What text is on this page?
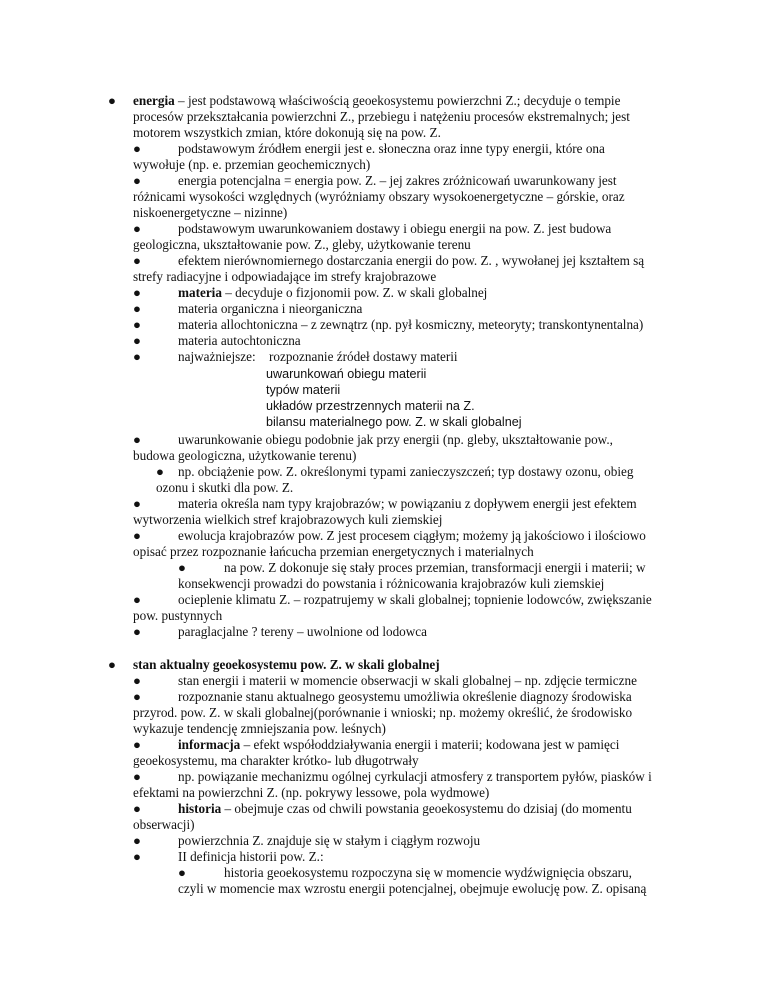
● energia – jest podstawową właściwością geoekosystemu powierzchni Z.; decyduje o tempie
procesów przekształcania powierzchni Z., przebiegu i natężeniu procesów ekstremalnych; jest
motorem wszystkich zmian, które dokonują się na pow. Z.
●	podstawowym źródłem energii jest e. słoneczna oraz inne typy energii, które ona
wywołuje (np. e. przemian geochemicznych)
●	energia potencjalna = energia pow. Z. – jej zakres zróżnicowań uwarunkowany jest
różnicami wysokości względnych (wyróżniamy obszary wysokoenergetyczne – górskie, oraz
niskoenergetyczne – nizinne)
●	podstawowym uwarunkowaniem dostawy i obiegu energii na pow. Z. jest budowa
geologiczna, ukształtowanie pow. Z., gleby, użytkowanie terenu
●	efektem nierównomiernego dostarczania energii do pow. Z. , wywołanej jej kształtem są
strefy radiacyjne i odpowiadające im strefy krajobrazowe
●	materia – decyduje o fizjonomii pow. Z. w skali globalnej
●	materia organiczna i nieorganiczna
●	materia allochtoniczna – z zewnątrz (np. pył kosmiczny, meteoryty; transkontynentalna)
●	materia autochtoniczna
●	najważniejsze: rozpoznanie źródeł dostawy materii
uwarunkowań obiegu materii
typów materii
układów przestrzennych materii na Z.
bilansu materialnego pow. Z. w skali globalnej
●	uwarunkowanie obiegu podobnie jak przy energii (np. gleby, ukształtowanie pow.,
budowa geologiczna, użytkowanie terenu)
● np. obciążenie pow. Z. określonymi typami zanieczyszczeń; typ dostawy ozonu, obieg
ozonu i skutki dla pow. Z.
●	materia określa nam typy krajobrazów; w powiązaniu z dopływem energii jest efektem
wytworzenia wielkich stref krajobrazowych kuli ziemskiej
●	ewolucja krajobrazów pow. Z jest procesem ciągłym; możemy ją jakościowo i ilościowo
opisać przez rozpoznanie łańcucha przemian energetycznych i materialnych
●	na pow. Z dokonuje się stały proces przemian, transformacji energii i materii; w
konsekwencji prowadzi do powstania i różnicowania krajobrazów kuli ziemskiej
●	ocieplenie klimatu Z. – rozpatrujemy w skali globalnej; topnienie lodowców, zwiększanie
pow. pustynnych
●	paraglacjalne ? tereny – uwolnione od lodowca
● stan aktualny geoekosystemu pow. Z. w skali globalnej
●	stan energii i materii w momencie obserwacji w skali globalnej – np. zdjęcie termiczne
●	rozpoznanie stanu aktualnego geosystemu umożliwia określenie diagnozy środowiska
przyrod. pow. Z. w skali globalnej(porównanie i wnioski; np. możemy określić, że środowisko
wykazuje tendencję zmniejszania pow. leśnych)
●	informacja – efekt współoddziaływania energii i materii; kodowana jest w pamięci
geoekosystemu, ma charakter krótko- lub długotrwały
●	np. powiązanie mechanizmu ogólnej cyrkulacji atmosfery z transportem pyłów, piasków i
efektami na powierzchni Z. (np. pokrywy lessowe, pola wydmowe)
●	historia – obejmuje czas od chwili powstania geoekosystemu do dzisiaj (do momentu
obserwacji)
●	powierzchnia Z. znajduje się w stałym i ciągłym rozwoju
●	II definicja historii pow. Z.:
●	historia geoekosystemu rozpoczyna się w momencie wydźwignięcia obszaru,
czyli w momencie max wzrostu energii potencjalnej, obejmuje ewolucję pow. Z. opisaną
